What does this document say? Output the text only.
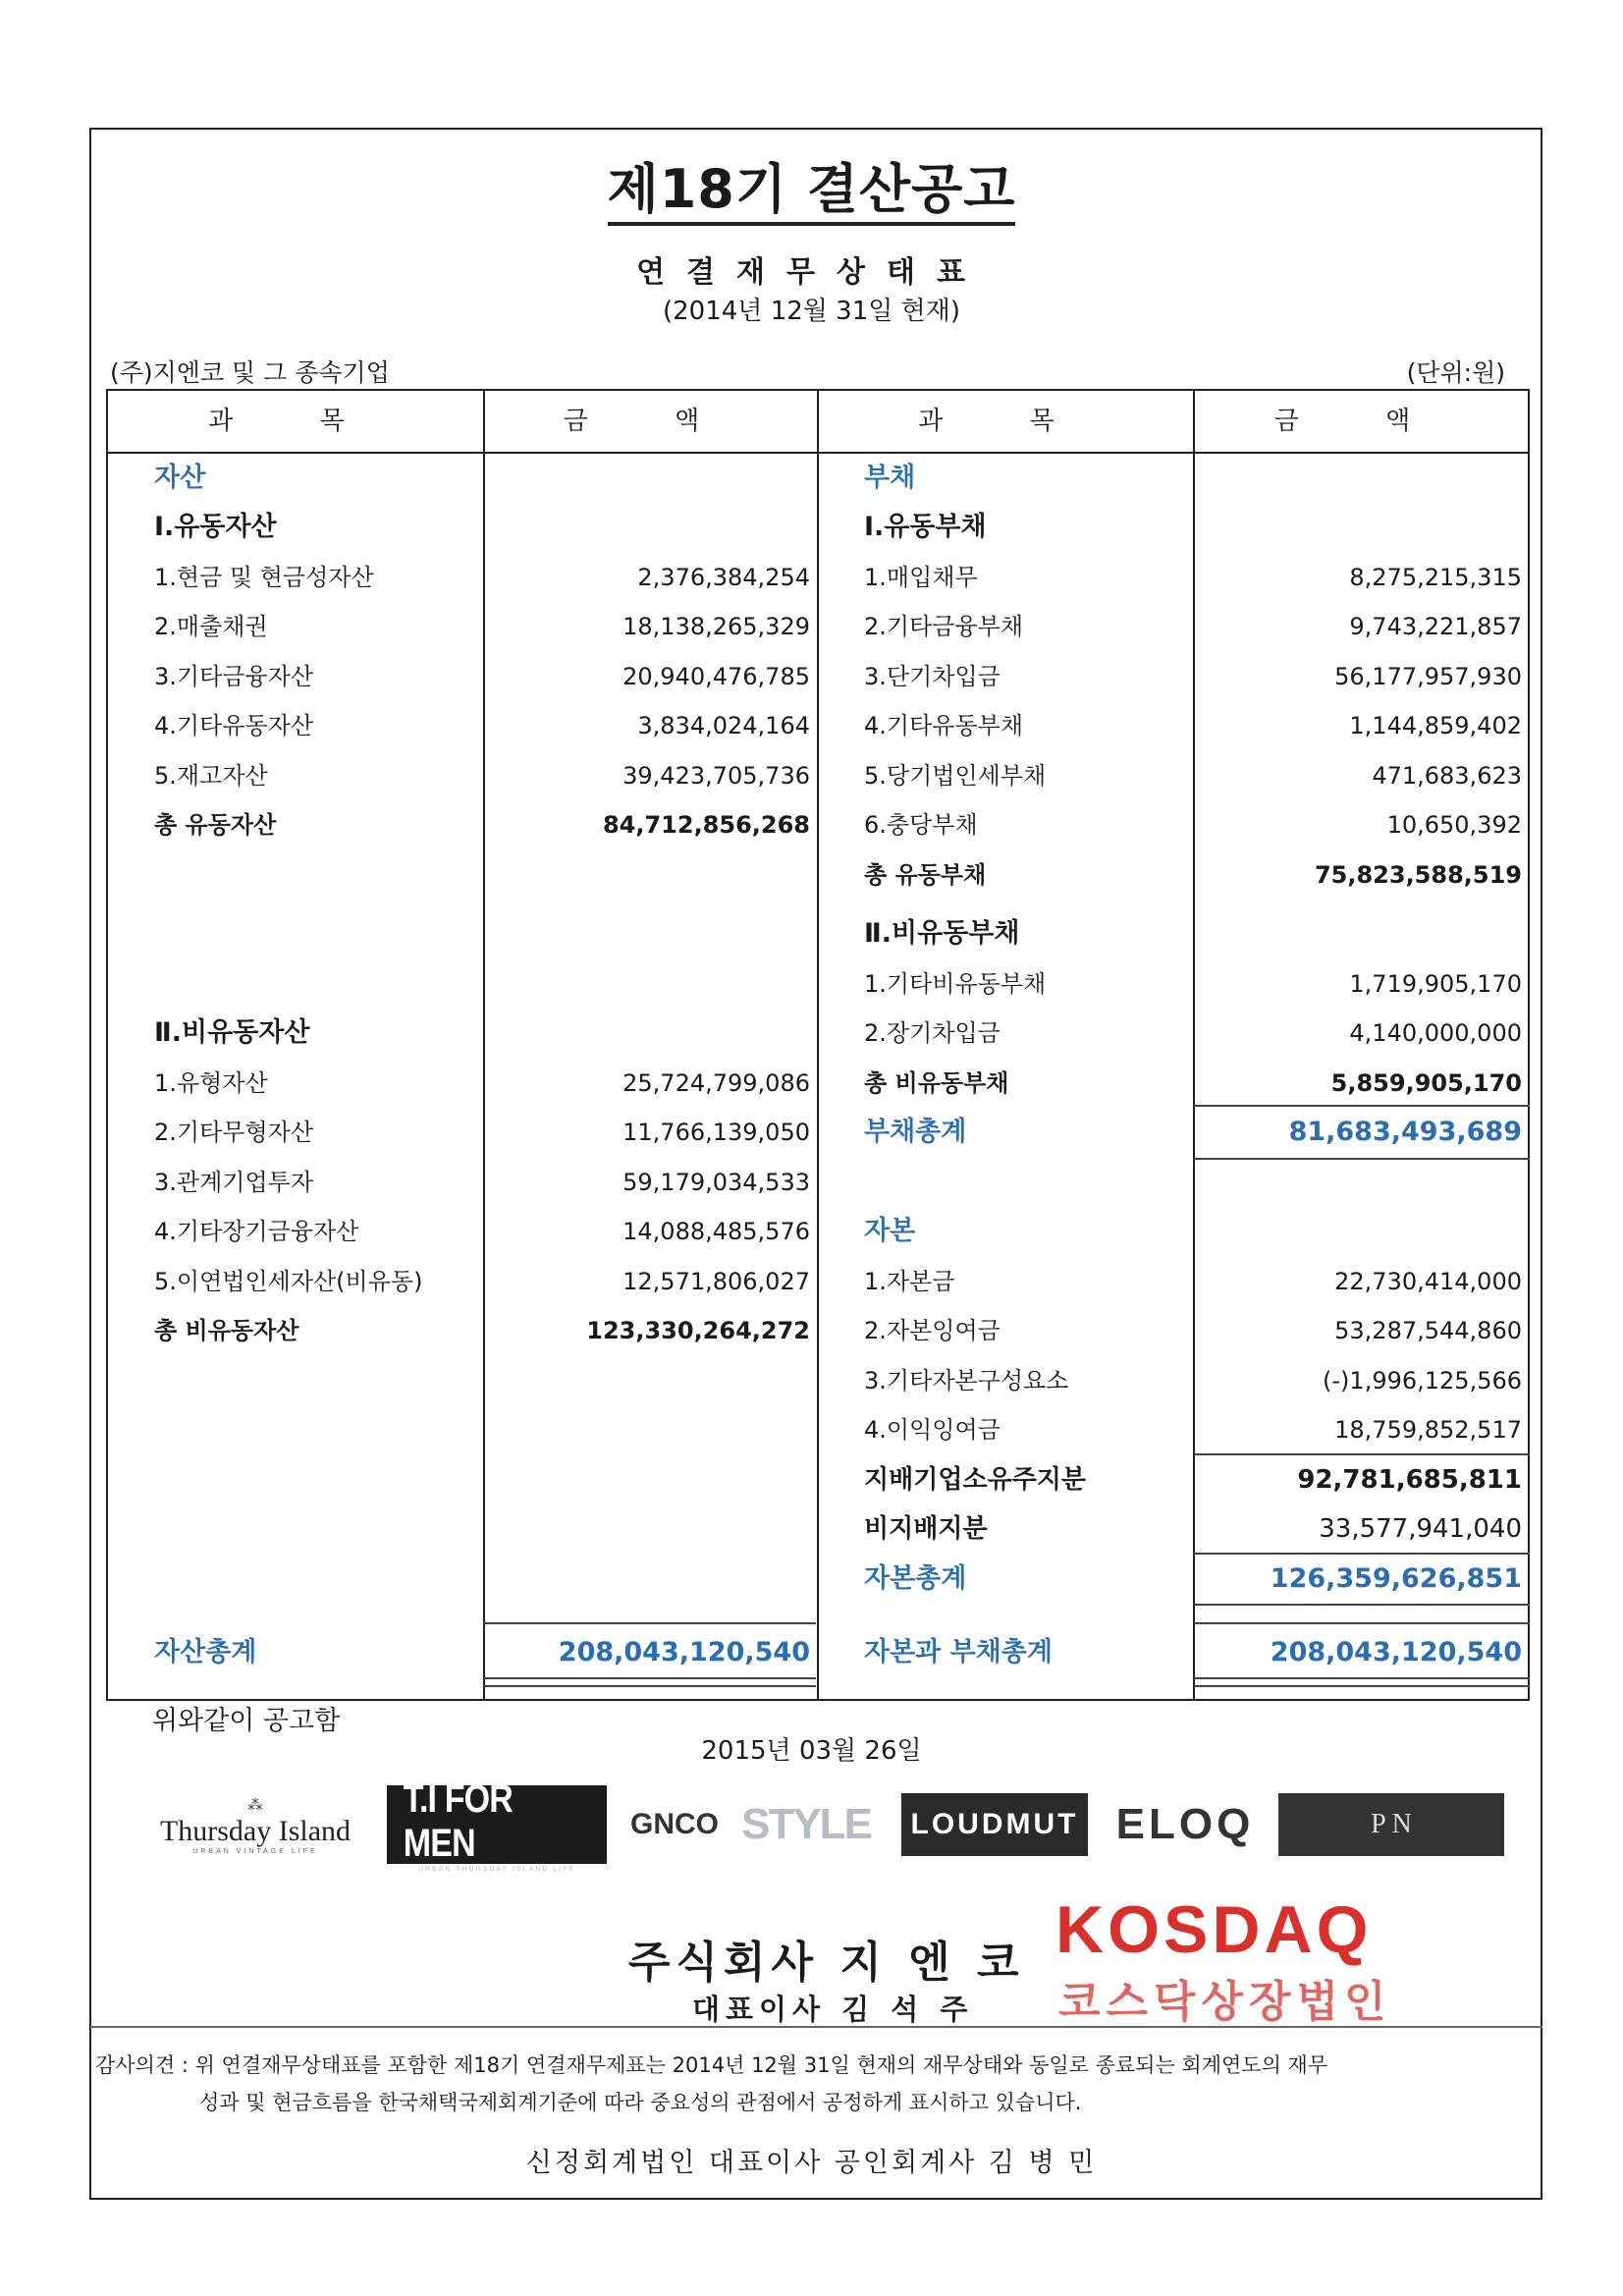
제18기 결산공고
연결재무상태표
(2014년 12월 31일 현재)
(주)지엔코 및 그 종속기업	(단위:원)
과 목	금 액	과 목	금 액
자산
Ⅰ.유동자산
1.현금 및 현금성자산	2,376,384,254
2.매출채권	18,138,265,329
3.기타금융자산	20,940,476,785
4.기타유동자산	3,834,024,164
5.재고자산	39,423,705,736
총 유동자산	84,712,856,268
Ⅱ.비유동자산
1.유형자산	25,724,799,086
2.기타무형자산	11,766,139,050
3.관계기업투자	59,179,034,533
4.기타장기금융자산	14,088,485,576
5.이연법인세자산(비유동)	12,571,806,027
총 비유동자산	123,330,264,272
자산총계	208,043,120,540
부채
Ⅰ.유동부채
1.매입채무	8,275,215,315
2.기타금융부채	9,743,221,857
3.단기차입금	56,177,957,930
4.기타유동부채	1,144,859,402
5.당기법인세부채	471,683,623
6.충당부채	10,650,392
총 유동부채	75,823,588,519
Ⅱ.비유동부채
1.기타비유동부채	1,719,905,170
2.장기차입금	4,140,000,000
총 비유동부채	5,859,905,170
부채총계	81,683,493,689
자본
1.자본금	22,730,414,000
2.자본잉여금	53,287,544,860
3.기타자본구성요소	(-)1,996,125,566
4.이익잉여금	18,759,852,517
지배기업소유주지분	92,781,685,811
비지배지분	33,577,941,040
자본총계	126,359,626,851
자본과 부채총계	208,043,120,540
위와같이 공고함
2015년 03월 26일
⁂
Thursday Island
URBAN VINTAGE LIFE
T.I FOR MEN
URBAN THURSDAY ISLAND LIFE
GNCO STYLE	LOUDMUT ELOQ	P N
주식회사 지 엔 코
대표이사 김 석 주
KOSDAQ
코스닥상장법인
감사의견 : 위 연결재무상태표를 포함한 제18기 연결재무제표는 2014년 12월 31일 현재의 재무상태와 동일로 종료되는 회계연도의 재무
성과 및 현금흐름을 한국채택국제회계기준에 따라 중요성의 관점에서 공정하게 표시하고 있습니다.
신정회계법인 대표이사 공인회계사 김 병 민
